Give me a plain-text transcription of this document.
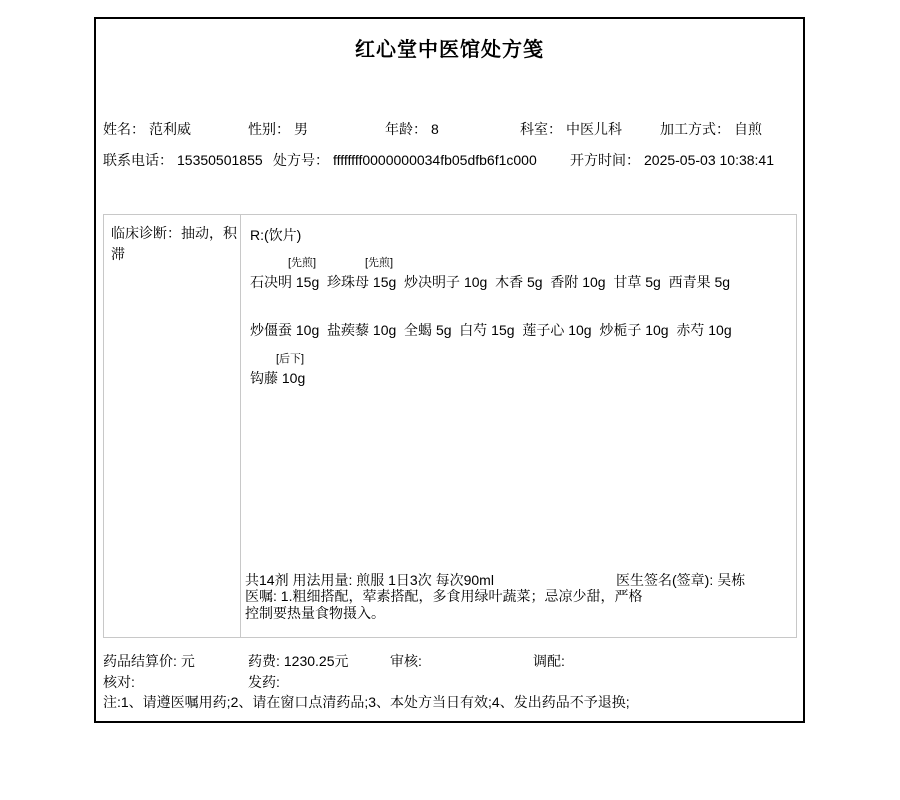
红心堂中医馆处方笺
姓名： 范利威	性别： 男	年龄： 8	科室： 中医儿科	加工方式： 自煎
联系电话： 15350501855 处方号： ffffffff0000000034fb05dfb6f1c000 开方时间： 2025-05-03 10:38:41
临床诊断：抽动，积滞
R:(饮片)
[先煎]	[先煎]
石决明 15g  珍珠母 15g  炒决明子 10g  木香 5g  香附 10g  甘草 5g  西青果 5g
炒僵蚕 10g  盐蒺藜 10g  全蝎 5g  白芍 15g  莲子心 10g  炒栀子 10g  赤芍 10g
[后下]
钩藤 10g
共14剂 用法用量: 煎服 1日3次 每次90ml	医生签名(签章): 吴栋
医嘱: 1.粗细搭配，荤素搭配，多食用绿叶蔬菜；忌凉少甜，严格
控制要热量食物摄入。
药品结算价: 元	药费: 1230.25元	审核:	调配:
核对:	发药:
注:1、请遵医嘱用药;2、请在窗口点清药品;3、本处方当日有效;4、发出药品不予退换;
